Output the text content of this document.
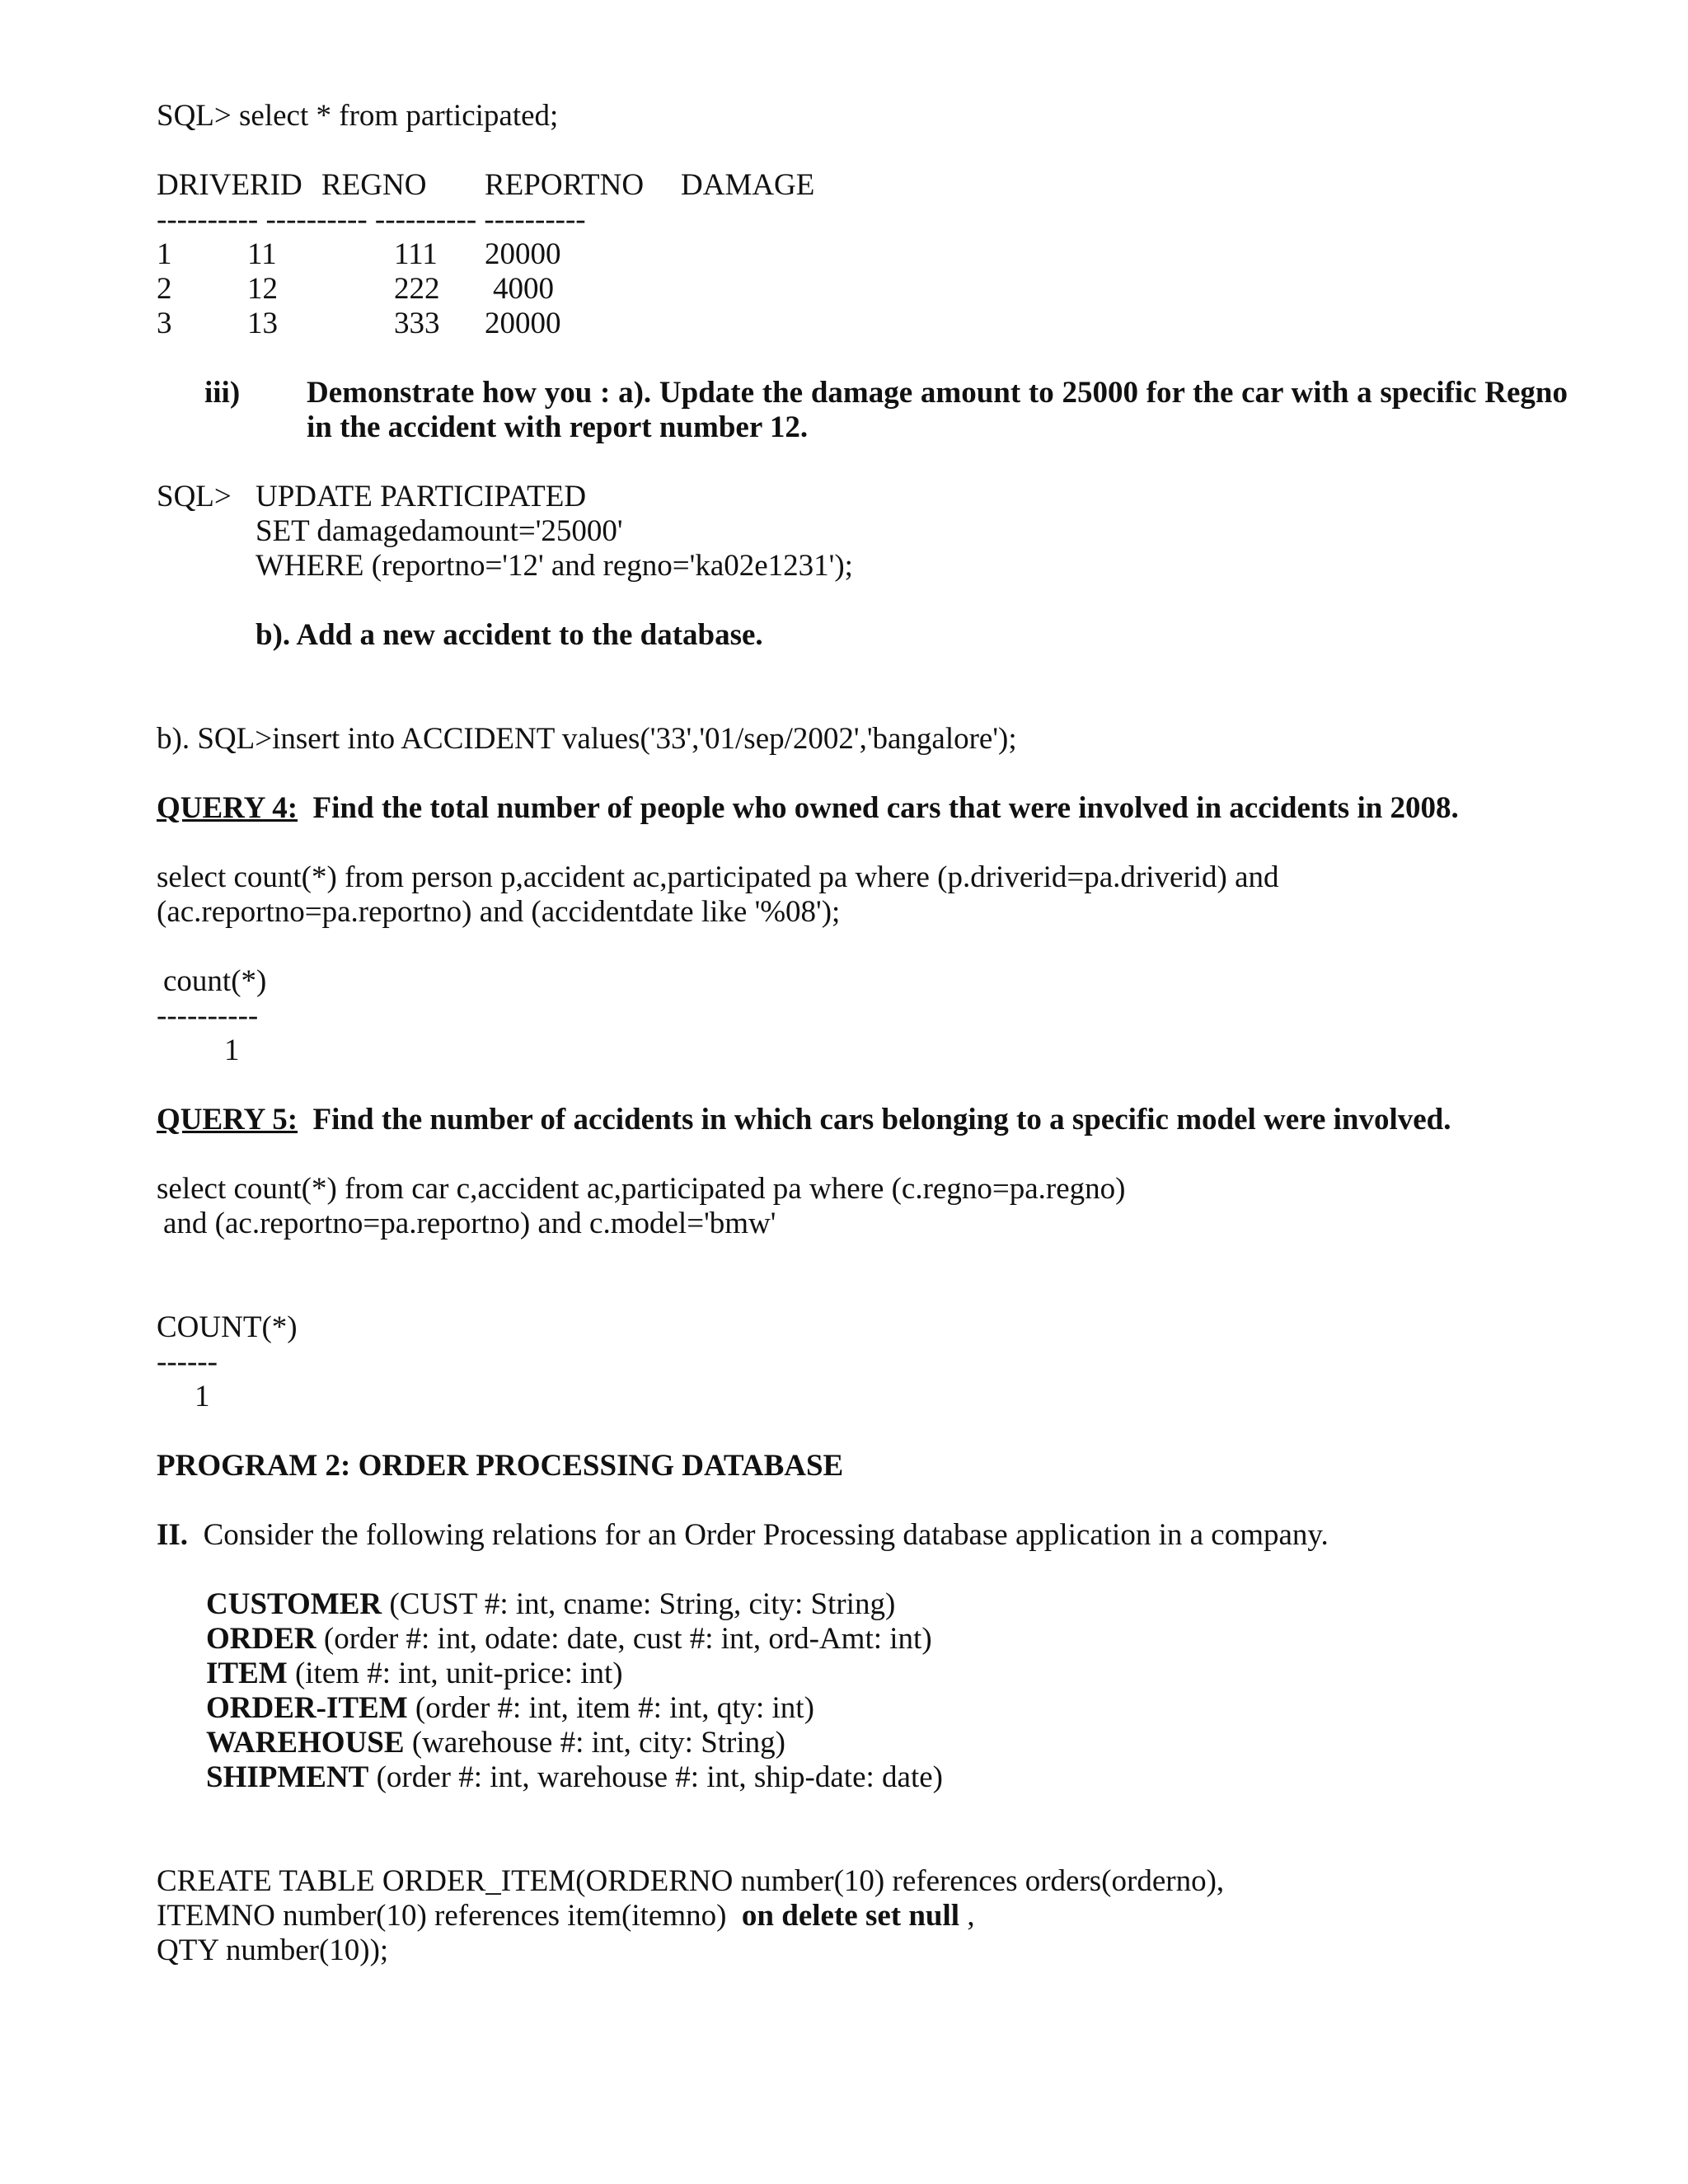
SQL> select * from participated;
DRIVERID REGNO REPORTNO DAMAGE
---------- ---------- ---------- ----------
1 11	111 20000
2 12	222 4000
3 13	333 20000
iii) Demonstrate how you : a). Update the damage amount to 25000 for the car with a specific Regno
in the accident with report number 12.
SQL> UPDATE PARTICIPATED
SET damagedamount='25000'
WHERE (reportno='12' and regno='ka02e1231');
b). Add a new accident to the database.
b). SQL>insert into ACCIDENT values('33','01/sep/2002','bangalore');
QUERY 4: Find the total number of people who owned cars that were involved in accidents in 2008.
select count(*) from person p,accident ac,participated pa where (p.driverid=pa.driverid) and
(ac.reportno=pa.reportno) and (accidentdate like '%08');
count(*)
----------
1
QUERY 5: Find the number of accidents in which cars belonging to a specific model were involved.
select count(*) from car c,accident ac,participated pa where (c.regno=pa.regno)
and (ac.reportno=pa.reportno) and c.model='bmw'
COUNT(*)
------
1
PROGRAM 2: ORDER PROCESSING DATABASE
II. Consider the following relations for an Order Processing database application in a company.
CUSTOMER (CUST #: int, cname: String, city: String)
ORDER (order #: int, odate: date, cust #: int, ord-Amt: int)
ITEM (item #: int, unit-price: int)
ORDER-ITEM (order #: int, item #: int, qty: int)
WAREHOUSE (warehouse #: int, city: String)
SHIPMENT (order #: int, warehouse #: int, ship-date: date)
CREATE TABLE ORDER_ITEM(ORDERNO number(10) references orders(orderno),
ITEMNO number(10) references item(itemno) on delete set null ,
QTY number(10));
